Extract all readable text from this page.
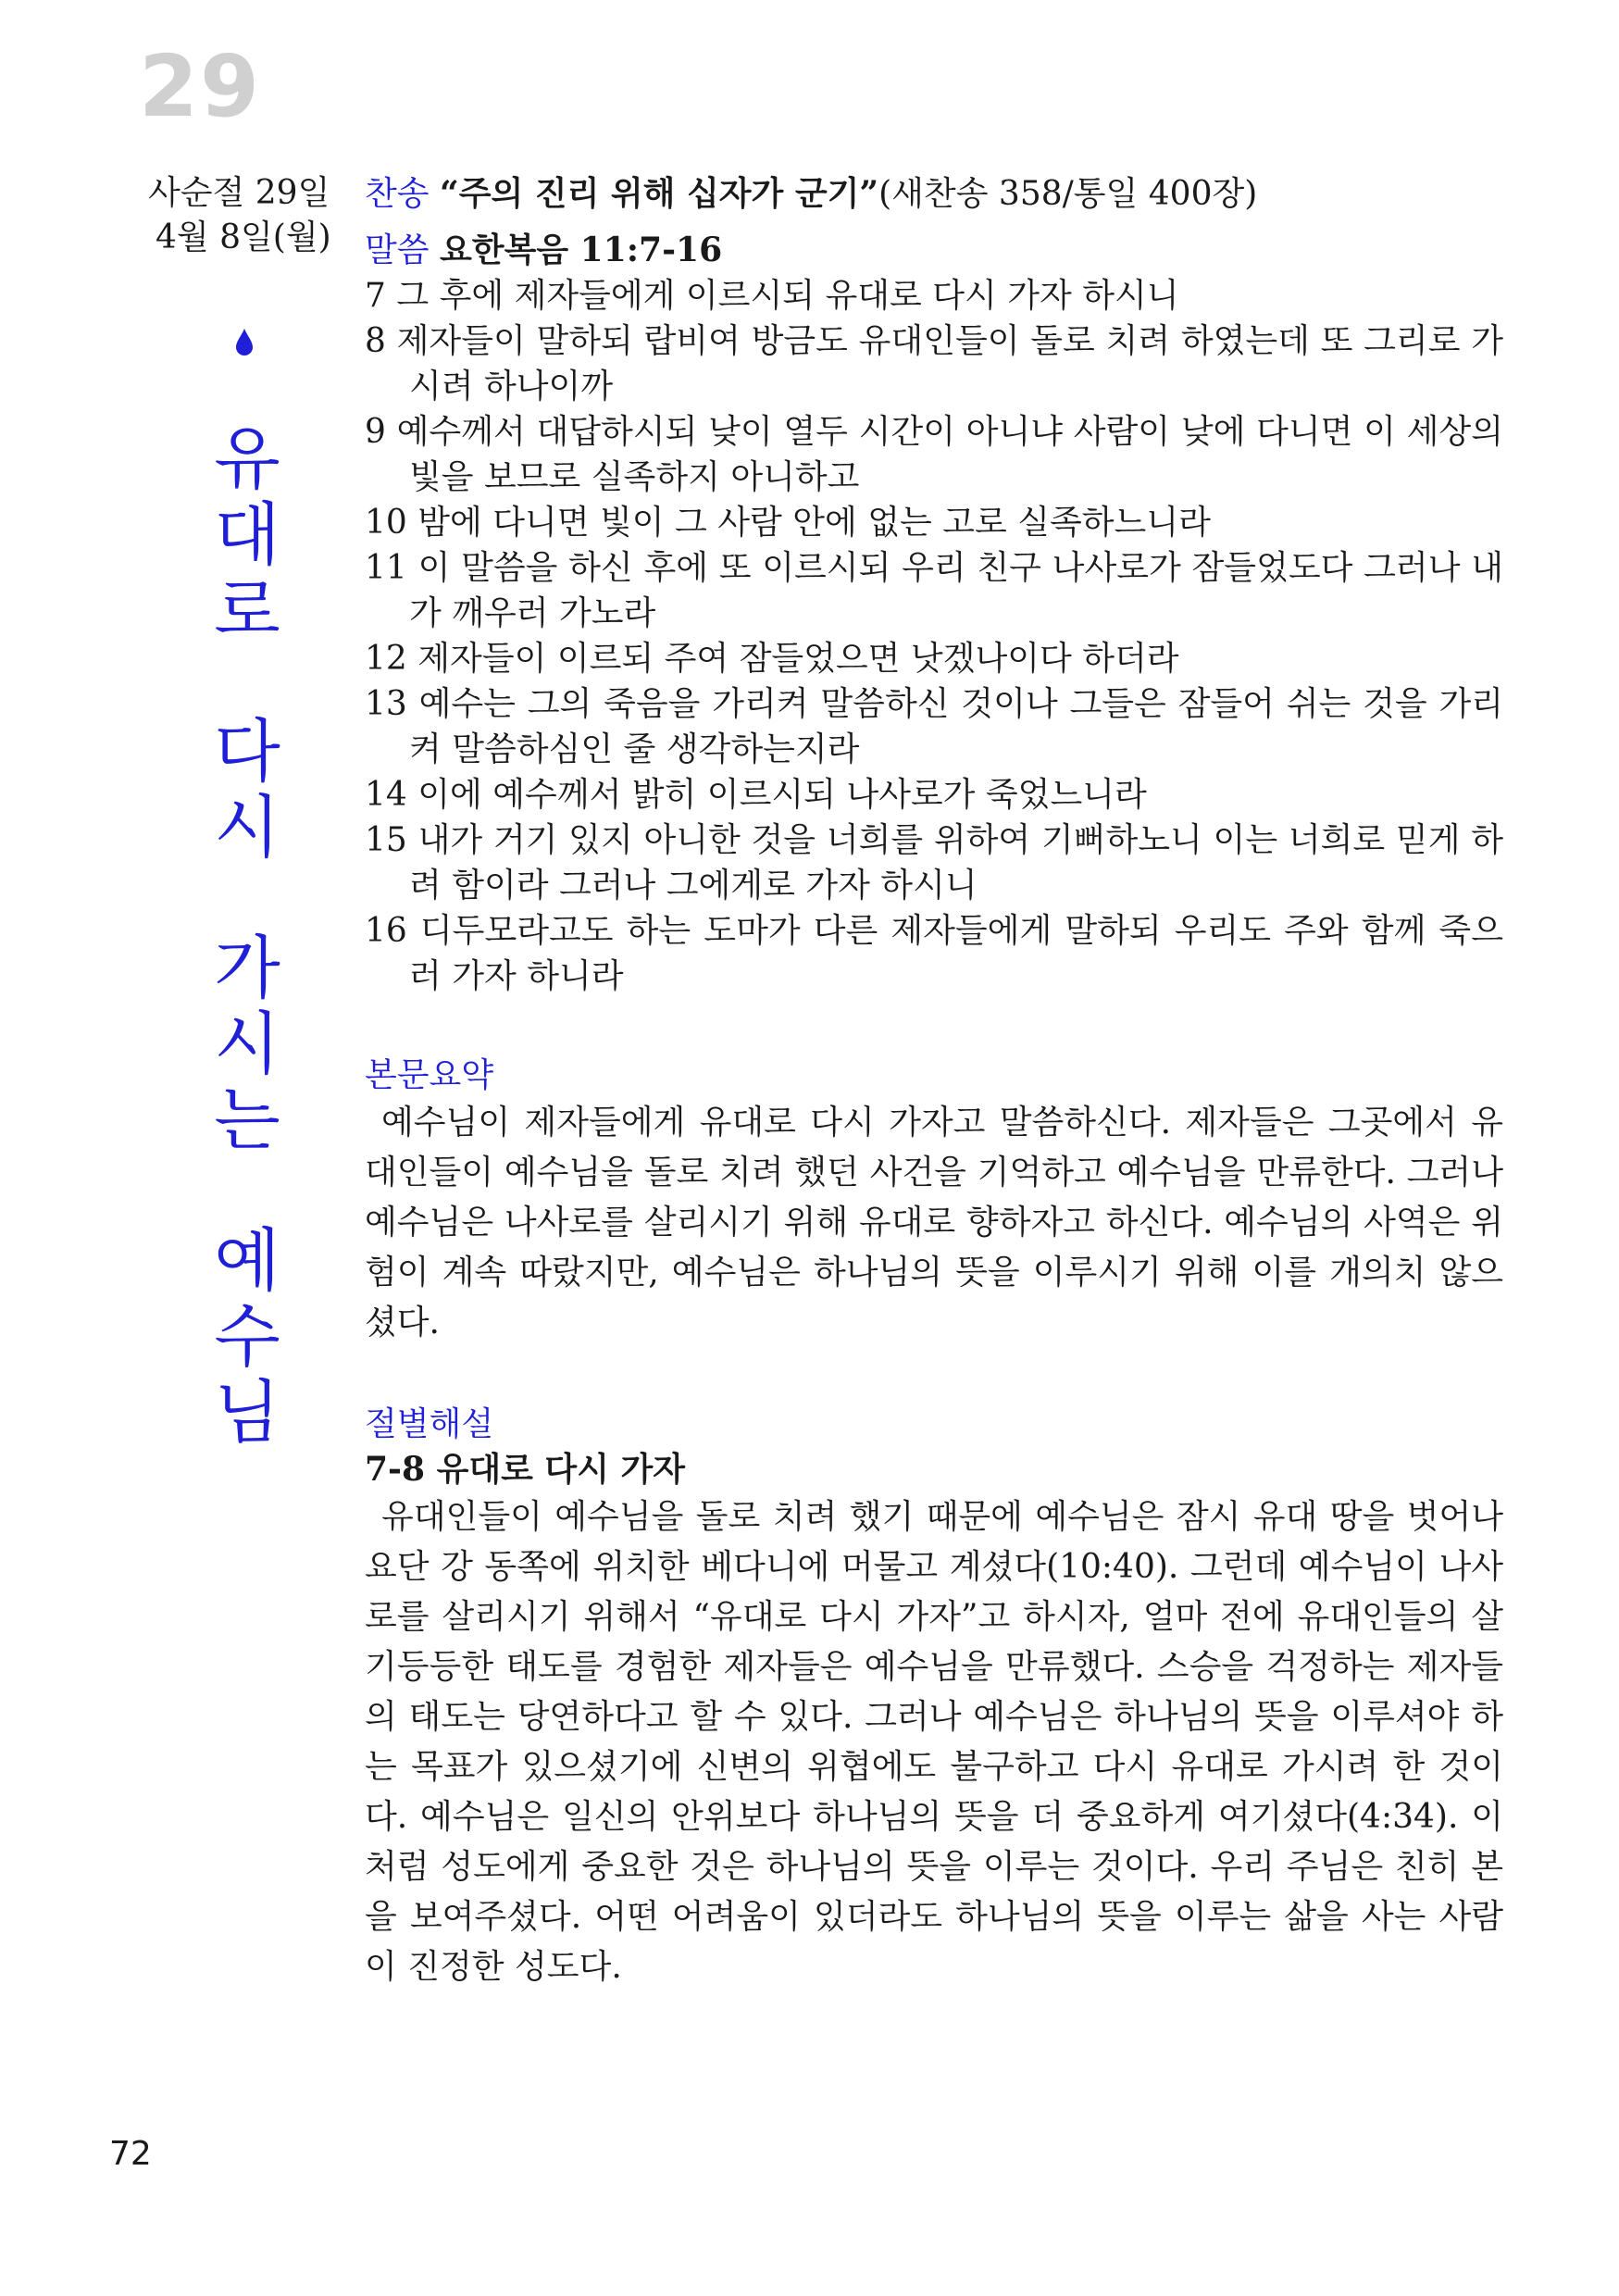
29
사순절 29일
4월 8일(월)
유
대
로
다
시
가
시
는
예
수
님
찬송 “주의 진리 위해 십자가 군기”(새찬송 358/통일 400장)
말씀 요한복음 11:7-16
7 그 후에 제자들에게 이르시되 유대로 다시 가자 하시니
8 제자들이 말하되 랍비여 방금도 유대인들이 돌로 치려 하였는데 또 그리로 가시려 하나이까
9 예수께서 대답하시되 낮이 열두 시간이 아니냐 사람이 낮에 다니면 이 세상의 빛을 보므로 실족하지 아니하고
10 밤에 다니면 빛이 그 사람 안에 없는 고로 실족하느니라
11 이 말씀을 하신 후에 또 이르시되 우리 친구 나사로가 잠들었도다 그러나 내가 깨우러 가노라
12 제자들이 이르되 주여 잠들었으면 낫겠나이다 하더라
13 예수는 그의 죽음을 가리켜 말씀하신 것이나 그들은 잠들어 쉬는 것을 가리켜 말씀하심인 줄 생각하는지라
14 이에 예수께서 밝히 이르시되 나사로가 죽었느니라
15 내가 거기 있지 아니한 것을 너희를 위하여 기뻐하노니 이는 너희로 믿게 하려 함이라 그러나 그에게로 가자 하시니
16 디두모라고도 하는 도마가 다른 제자들에게 말하되 우리도 주와 함께 죽으러 가자 하니라
본문요약
예수님이 제자들에게 유대로 다시 가자고 말씀하신다. 제자들은 그곳에서 유대인들이 예수님을 돌로 치려 했던 사건을 기억하고 예수님을 만류한다. 그러나 예수님은 나사로를 살리시기 위해 유대로 향하자고 하신다. 예수님의 사역은 위험이 계속 따랐지만, 예수님은 하나님의 뜻을 이루시기 위해 이를 개의치 않으셨다.
절별해설
7-8 유대로 다시 가자
유대인들이 예수님을 돌로 치려 했기 때문에 예수님은 잠시 유대 땅을 벗어나 요단 강 동쪽에 위치한 베다니에 머물고 계셨다(10:40). 그런데 예수님이 나사로를 살리시기 위해서 “유대로 다시 가자”고 하시자, 얼마 전에 유대인들의 살기등등한 태도를 경험한 제자들은 예수님을 만류했다. 스승을 걱정하는 제자들의 태도는 당연하다고 할 수 있다. 그러나 예수님은 하나님의 뜻을 이루셔야 하는 목표가 있으셨기에 신변의 위협에도 불구하고 다시 유대로 가시려 한 것이다. 예수님은 일신의 안위보다 하나님의 뜻을 더 중요하게 여기셨다(4:34). 이처럼 성도에게 중요한 것은 하나님의 뜻을 이루는 것이다. 우리 주님은 친히 본을 보여주셨다. 어떤 어려움이 있더라도 하나님의 뜻을 이루는 삶을 사는 사람이 진정한 성도다.
72
